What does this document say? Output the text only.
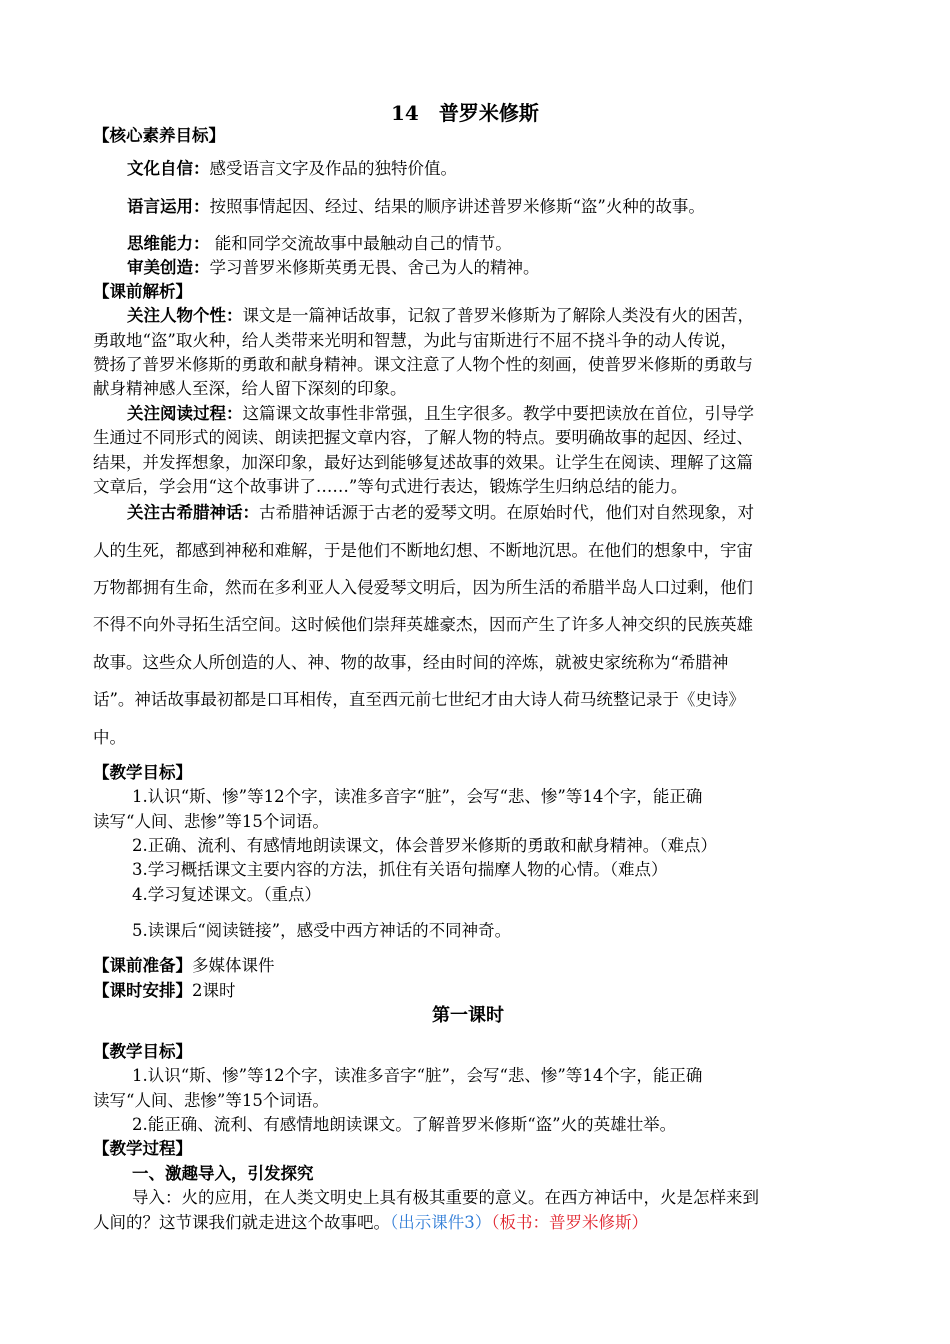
14　普罗米修斯
【核心素养目标】
文化自信：感受语言文字及作品的独特价值。
语言运用：按照事情起因、经过、结果的顺序讲述普罗米修斯“盗”火种的故事。
思维能力： 能和同学交流故事中最触动自己的情节。
审美创造：学习普罗米修斯英勇无畏、舍己为人的精神。
【课前解析】
关注人物个性：课文是一篇神话故事，记叙了普罗米修斯为了解除人类没有火的困苦，
勇敢地“盗”取火种，给人类带来光明和智慧，为此与宙斯进行不屈不挠斗争的动人传说，
赞扬了普罗米修斯的勇敢和献身精神。课文注意了人物个性的刻画，使普罗米修斯的勇敢与
献身精神感人至深，给人留下深刻的印象。
关注阅读过程：这篇课文故事性非常强，且生字很多。教学中要把读放在首位，引导学
生通过不同形式的阅读、朗读把握文章内容，了解人物的特点。要明确故事的起因、经过、
结果，并发挥想象，加深印象，最好达到能够复述故事的效果。让学生在阅读、理解了这篇
文章后，学会用“这个故事讲了……”等句式进行表达，锻炼学生归纳总结的能力。
关注古希腊神话：古希腊神话源于古老的爱琴文明。在原始时代，他们对自然现象，对
人的生死，都感到神秘和难解，于是他们不断地幻想、不断地沉思。在他们的想象中，宇宙
万物都拥有生命，然而在多利亚人入侵爱琴文明后，因为所生活的希腊半岛人口过剩，他们
不得不向外寻拓生活空间。这时候他们崇拜英雄豪杰，因而产生了许多人神交织的民族英雄
故事。这些众人所创造的人、神、物的故事，经由时间的淬炼，就被史家统称为“希腊神
话”。神话故事最初都是口耳相传，直至西元前七世纪才由大诗人荷马统整记录于《史诗》
中。
【教学目标】
1.认识“斯、惨”等12个字，读准多音字“脏”，会写“悲、惨”等14个字，能正确
读写“人间、悲惨”等15个词语。
2.正确、流利、有感情地朗读课文，体会普罗米修斯的勇敢和献身精神。（难点）
3.学习概括课文主要内容的方法，抓住有关语句揣摩人物的心情。（难点）
4.学习复述课文。（重点）
5.读课后“阅读链接”，感受中西方神话的不同神奇。
【课前准备】多媒体课件
【课时安排】2课时
第一课时
【教学目标】
1.认识“斯、惨”等12个字，读准多音字“脏”，会写“悲、惨”等14个字，能正确
读写“人间、悲惨”等15个词语。
2.能正确、流利、有感情地朗读课文。了解普罗米修斯“盗”火的英雄壮举。
【教学过程】
一、激趣导入，引发探究
导入：火的应用，在人类文明史上具有极其重要的意义。在西方神话中，火是怎样来到
人间的？这节课我们就走进这个故事吧。（出示课件3）（板书：普罗米修斯）
